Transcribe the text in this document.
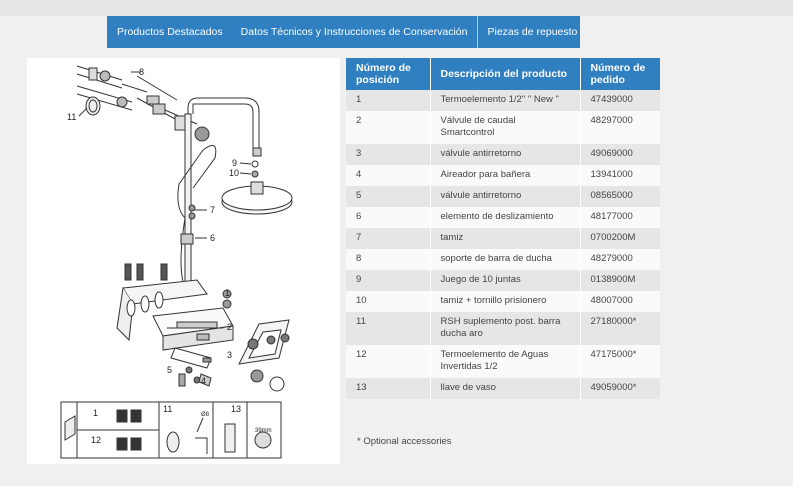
Productos Destacados	Datos Técnicos y Instrucciones de Conservación	Piezas de repuesto
8
11
9
10
7
6
1
2
3
4
5
1
12
11	13
Ø8
39mm
Número de posición	Descripción del producto	Número de pedido
1	Termoelemento 1/2" " New "	47439000
2	Válvule de caudal Smartcontrol	48297000
3	válvule antirretorno	49069000
4	Aireador para bañera	13941000
5	válvule antirretorno	08565000
6	elemento de deslizamiento	48177000
7	tamiz	0700200M
8	soporte de barra de ducha	48279000
9	Juego de 10 juntas	0138900M
10	tamiz + tornillo prisionero	48007000
11	RSH suplemento post. barra ducha aro	27180000*
12	Termoelemento de Aguas Invertidas 1/2	47175000*
13	llave de vaso	49059000*
* Optional accessories
